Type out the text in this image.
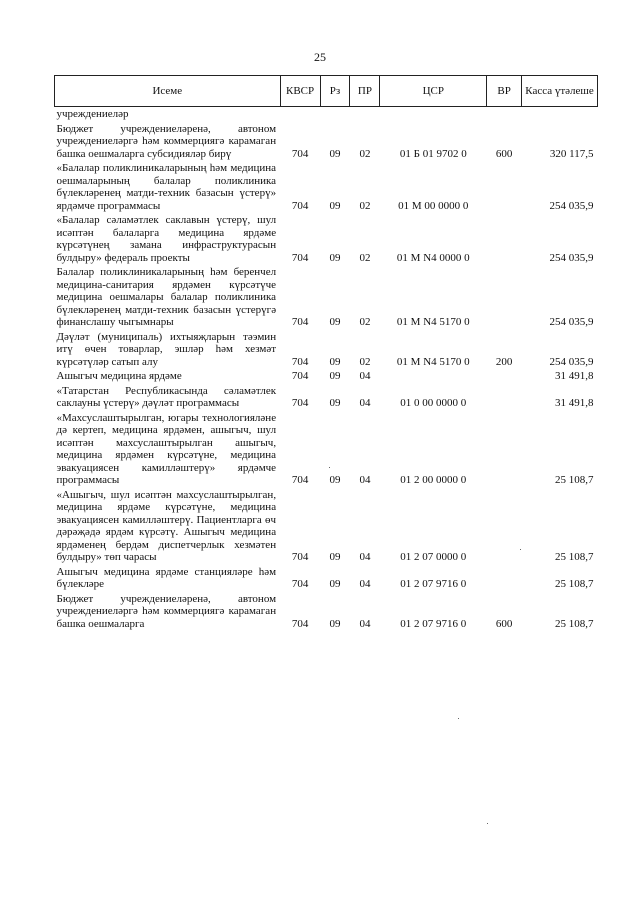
25
Исеме	КВСР	Рз	ПР	ЦСР	ВР	Касса үтәлеше
учреждениеләр						
Бюджет учреждениеләренә, автоном учреждениеләргә һәм коммерциягә карамаган башка оешмаларга субсидияләр бирү	704	09	02	01 Б 01 9702 0	600	320 117,5
«Балалар поликлиникаларының һәм медицина оешмаларының балалар поликлиника бүлекләренең матди-техник базасын үстерү» ярдәмче программасы	704	09	02	01 М 00 0000 0		254 035,9
«Балалар сәламәтлек саклавын үстерү, шул исәптән балаларга медицина ярдәме күрсәтүнең замана инфраструктурасын булдыру» федераль проекты	704	09	02	01 М N4 0000 0		254 035,9
Балалар поликлиникаларының һәм беренчел медицина-санитария ярдәмен күрсәтүче медицина оешмалары балалар поликлиника бүлекләренең матди-техник базасын үстерүгә финанслашу чыгымнары	704	09	02	01 М N4 5170 0		254 035,9
Дәүләт (муниципаль) ихтыяҗларын тәэмин итү өчен товарлар, эшләр һәм хезмәт күрсәтүләр сатып алу	704	09	02	01 М N4 5170 0	200	254 035,9
Ашыгыч медицина ярдәме	704	09	04			31 491,8
«Татарстан Республикасында сәламәтлек саклауны үстерү» дәүләт программасы	704	09	04	01 0 00 0000 0		31 491,8
«Махсуслаштырылган, югары технологияләне дә кертеп, медицина ярдәмен, ашыгыч, шул исәптән махсуслаштырылган ашыгыч, медицина ярдәмен күрсәтүне, медицина эвакуациясен камилләштерү» ярдәмче программасы	704	09	04	01 2 00 0000 0		25 108,7
«Ашыгыч, шул исәптән махсуслаштырылган, медицина ярдәме күрсәтүне, медицина эвакуациясен камилләштерү. Пациентларга өч дәрәҗәдә ярдәм күрсәтү. Ашыгыч медицина ярдәменең бердәм диспетчерлык хезмәтен булдыру» төп чарасы	704	09	04	01 2 07 0000 0		25 108,7
Ашыгыч медицина ярдәме станцияләре һәм бүлекләре	704	09	04	01 2 07 9716 0		25 108,7
Бюджет учреждениеләренә, автоном учреждениеләргә һәм коммерциягә карамаган башка оешмаларга	704	09	04	01 2 07 9716 0	600	25 108,7
